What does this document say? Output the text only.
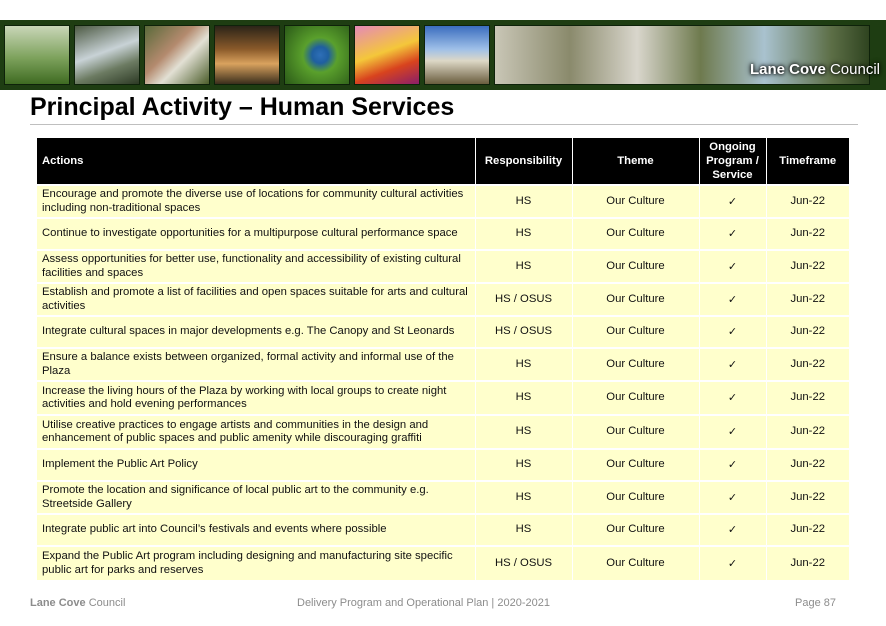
Lane Cove Council
Principal Activity – Human Services
Actions	Responsibility	Theme	Ongoing
Program /
Service	Timeframe
Encourage and promote the diverse use of locations for community cultural activities including non-traditional spaces	HS	Our Culture	✓	Jun-22
Continue to investigate opportunities for a multipurpose cultural performance space	HS	Our Culture	✓	Jun-22
Assess opportunities for better use, functionality and accessibility of existing cultural facilities and spaces	HS	Our Culture	✓	Jun-22
Establish and promote a list of facilities and open spaces suitable for arts and cultural activities	HS / OSUS	Our Culture	✓	Jun-22
Integrate cultural spaces in major developments e.g. The Canopy and St Leonards	HS / OSUS	Our Culture	✓	Jun-22
Ensure a balance exists between organized, formal activity and informal use of the Plaza	HS	Our Culture	✓	Jun-22
Increase the living hours of the Plaza by working with local groups to create night activities and hold evening performances	HS	Our Culture	✓	Jun-22
Utilise creative practices to engage artists and communities in the design and enhancement of public spaces and public amenity while discouraging graffiti	HS	Our Culture	✓	Jun-22
Implement the Public Art Policy	HS	Our Culture	✓	Jun-22
Promote the location and significance of local public art to the community e.g. Streetside Gallery	HS	Our Culture	✓	Jun-22
Integrate public art into Council’s festivals and events where possible	HS	Our Culture	✓	Jun-22
Expand the Public Art program including designing and manufacturing site specific public art for parks and reserves	HS / OSUS	Our Culture	✓	Jun-22
Lane Cove Council	Delivery Program and Operational Plan | 2020-2021	Page 87
